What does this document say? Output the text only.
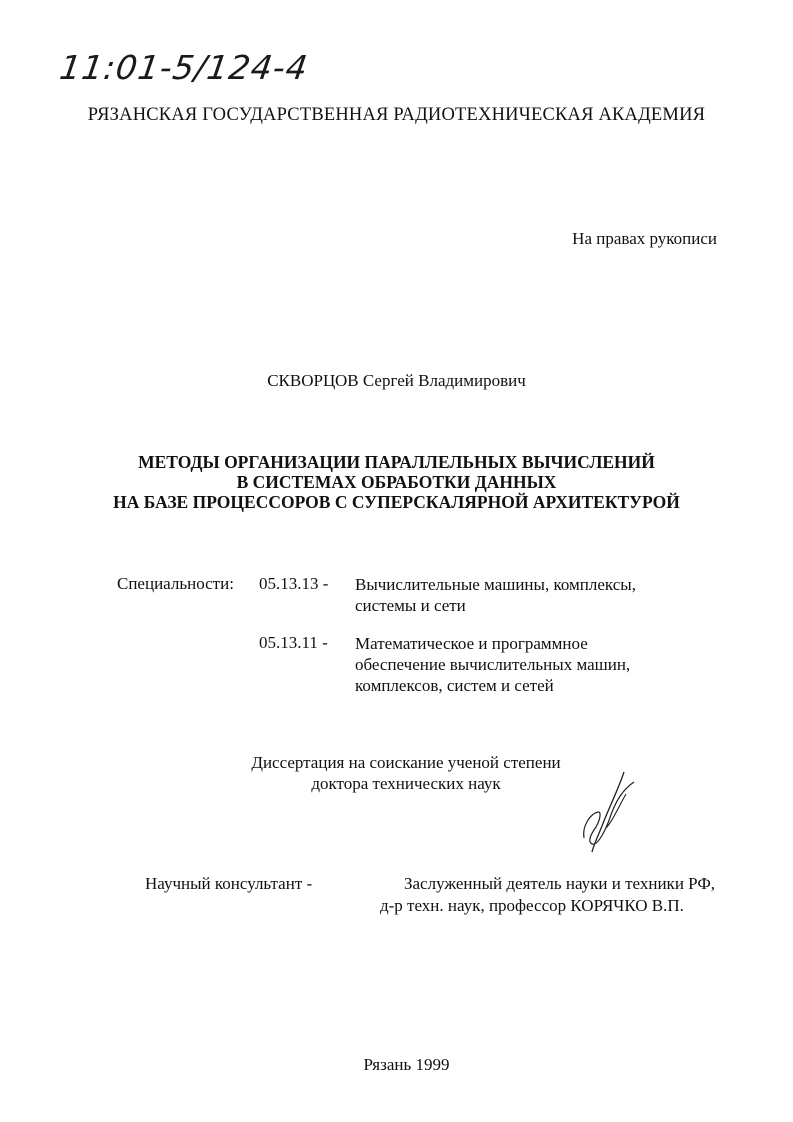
11:01-5/124-4
РЯЗАНСКАЯ ГОСУДАРСТВЕННАЯ РАДИОТЕХНИЧЕСКАЯ АКАДЕМИЯ
На правах рукописи
СКВОРЦОВ Сергей Владимирович
МЕТОДЫ ОРГАНИЗАЦИИ ПАРАЛЛЕЛЬНЫХ ВЫЧИСЛЕНИЙ
В СИСТЕМАХ ОБРАБОТКИ ДАННЫХ
НА БАЗЕ ПРОЦЕССОРОВ С СУПЕРСКАЛЯРНОЙ АРХИТЕКТУРОЙ
Специальности: 05.13.13 - Вычислительные машины, комплексы,
системы и сети
05.13.11 - Математическое и программное
обеспечение вычислительных машин,
комплексов, систем и сетей
Диссертация на соискание ученой степени
доктора технических наук
Научный консультант -	Заслуженный деятель науки и техники РФ,
д-р техн. наук, профессор КОРЯЧКО В.П.
Рязань 1999
